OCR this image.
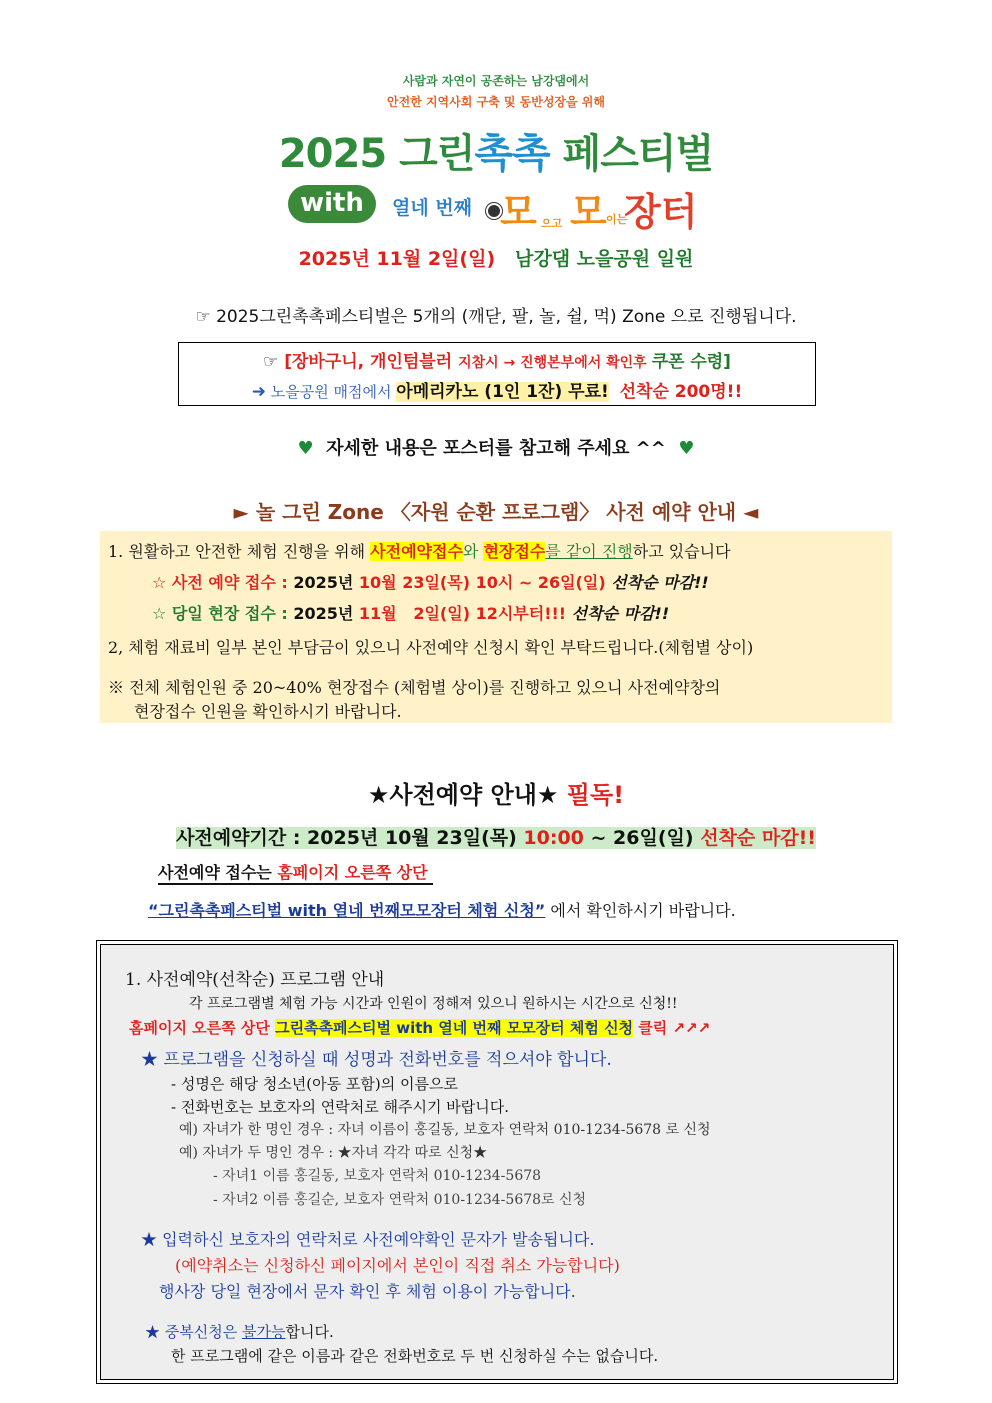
사람과 자연이 공존하는 남강댐에서
안전한 지역사회 구축 및 동반성장을 위해
2025 그린촉촉 페스티벌
with	열네 번째 모 으고 모 이는
장터
2025년 11월 2일(일) 남강댐 노을공원 일원
☞ 2025그린촉촉페스티벌은 5개의 (깨닫, 팔, 놀, 쉴, 먹) Zone 으로 진행됩니다.
☞ [장바구니, 개인텀블러 지참시 → 진행본부에서 확인후 쿠폰 수령]
➜ 노을공원 매점에서 아메리카노 (1인 1잔) 무료! 선착순 200명!!
♥ 자세한 내용은 포스터를 참고해 주세요 ^^ ♥
► 놀 그린 Zone 〈자원 순환 프로그램〉 사전 예약 안내 ◄
1. 원활하고 안전한 체험 진행을 위해 사전예약접수와 현장접수를 같이 진행하고 있습니다
☆ 사전 예약 접수 : 2025년 10월 23일(목) 10시 ~ 26일(일) 선착순 마감!!
☆ 당일 현장 접수 : 2025년 11월   2일(일) 12시부터!!! 선착순 마감!!
2, 체험 재료비 일부 본인 부담금이 있으니 사전예약 신청시 확인 부탁드립니다.(체험별 상이)
※ 전체 체험인원 중 20~40% 현장접수 (체험별 상이)를 진행하고 있으니 사전예약창의
현장접수 인원을 확인하시기 바랍니다.
★사전예약 안내★ 필독!
사전예약기간 : 2025년 10월 23일(목) 10:00 ~ 26일(일) 선착순 마감!!
사전예약 접수는 홈페이지 오른쪽 상단
“그린촉촉페스티벌 with 열네 번째모모장터 체험 신청” 에서 확인하시기 바랍니다.
1. 사전예약(선착순) 프로그램 안내
각 프로그램별 체험 가능 시간과 인원이 정해져 있으니 원하시는 시간으로 신청!!
홈페이지 오른쪽 상단 그린촉촉페스티벌 with 열네 번째 모모장터 체험 신청 클릭 ↗↗↗
★ 프로그램을 신청하실 때 성명과 전화번호를 적으셔야 합니다.
- 성명은 해당 청소년(아동 포함)의 이름으로
- 전화번호는 보호자의 연락처로 해주시기 바랍니다.
예) 자녀가 한 명인 경우 : 자녀 이름이 홍길동, 보호자 연락처 010-1234-5678 로 신청
예) 자녀가 두 명인 경우 : ★자녀 각각 따로 신청★
- 자녀1 이름 홍길동, 보호자 연락처 010-1234-5678
- 자녀2 이름 홍길순, 보호자 연락처 010-1234-5678로 신청
★ 입력하신 보호자의 연락처로 사전예약확인 문자가 발송됩니다.
(예약취소는 신청하신 페이지에서 본인이 직접 취소 가능합니다)
행사장 당일 현장에서 문자 확인 후 체험 이용이 가능합니다.
★ 중복신청은 불가능합니다.
한 프로그램에 같은 이름과 같은 전화번호로 두 번 신청하실 수는 없습니다.
